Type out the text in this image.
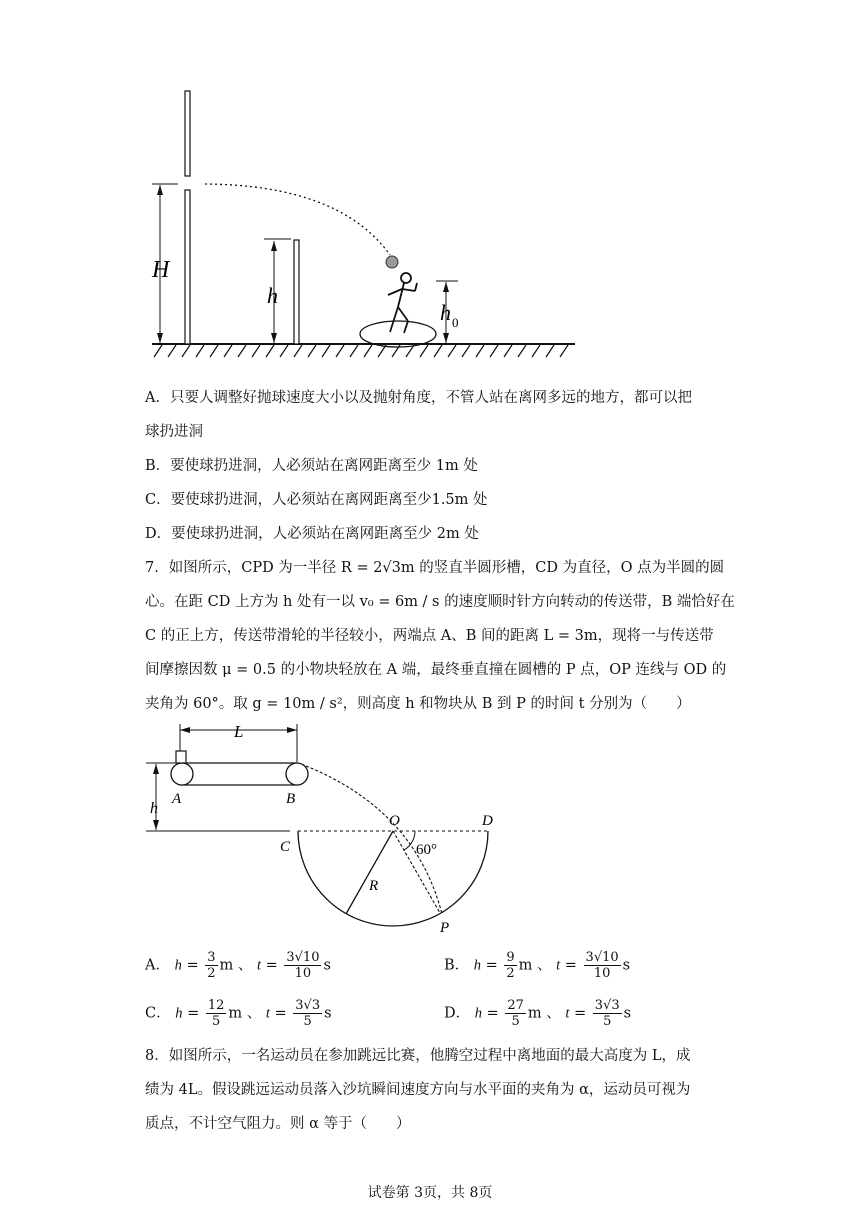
H
h
h 0
A．只要人调整好抛球速度大小以及抛射角度，不管人站在离网多远的地方，都可以把
球扔进洞
B．要使球扔进洞，人必须站在离网距离至少 1m 处
C．要使球扔进洞，人必须站在离网距离至少1.5m 处
D．要使球扔进洞，人必须站在离网距离至少 2m 处
7．如图所示，CPD 为一半径 R = 2√3m 的竖直半圆形槽，CD 为直径，O 点为半圆的圆
心。在距 CD 上方为 h 处有一以 v₀ = 6m / s 的速度顺时针方向转动的传送带，B 端恰好在
C 的正上方，传送带滑轮的半径较小，两端点 A、B 间的距离 L = 3m，现将一与传送带
间摩擦因数 μ = 0.5 的小物块轻放在 A 端，最终垂直撞在圆槽的 P 点，OP 连线与 OD 的
夹角为 60°。取 g = 10m / s²，则高度 h 和物块从 B 到 P 的时间 t 分别为（　　）
L
A	B
h
C
O	D
R
60°
P
A． $h = \frac{3}{2}$ m 、 $t = \frac{3√10}{10}$ s	B． $h = \frac{9}{2}$ m 、 $t = \frac{3√10}{10}$ s
C． $h = \frac{12}{5}$ m 、 $t = \frac{3√3}{5}$ s	D． $h = \frac{27}{5}$ m 、 $t = \frac{3√3}{5}$ s
8．如图所示，一名运动员在参加跳远比赛，他腾空过程中离地面的最大高度为 L，成
绩为 4L。假设跳远运动员落入沙坑瞬间速度方向与水平面的夹角为 α，运动员可视为
质点，不计空气阻力。则 α 等于（　　）
试卷第 3页，共 8页
